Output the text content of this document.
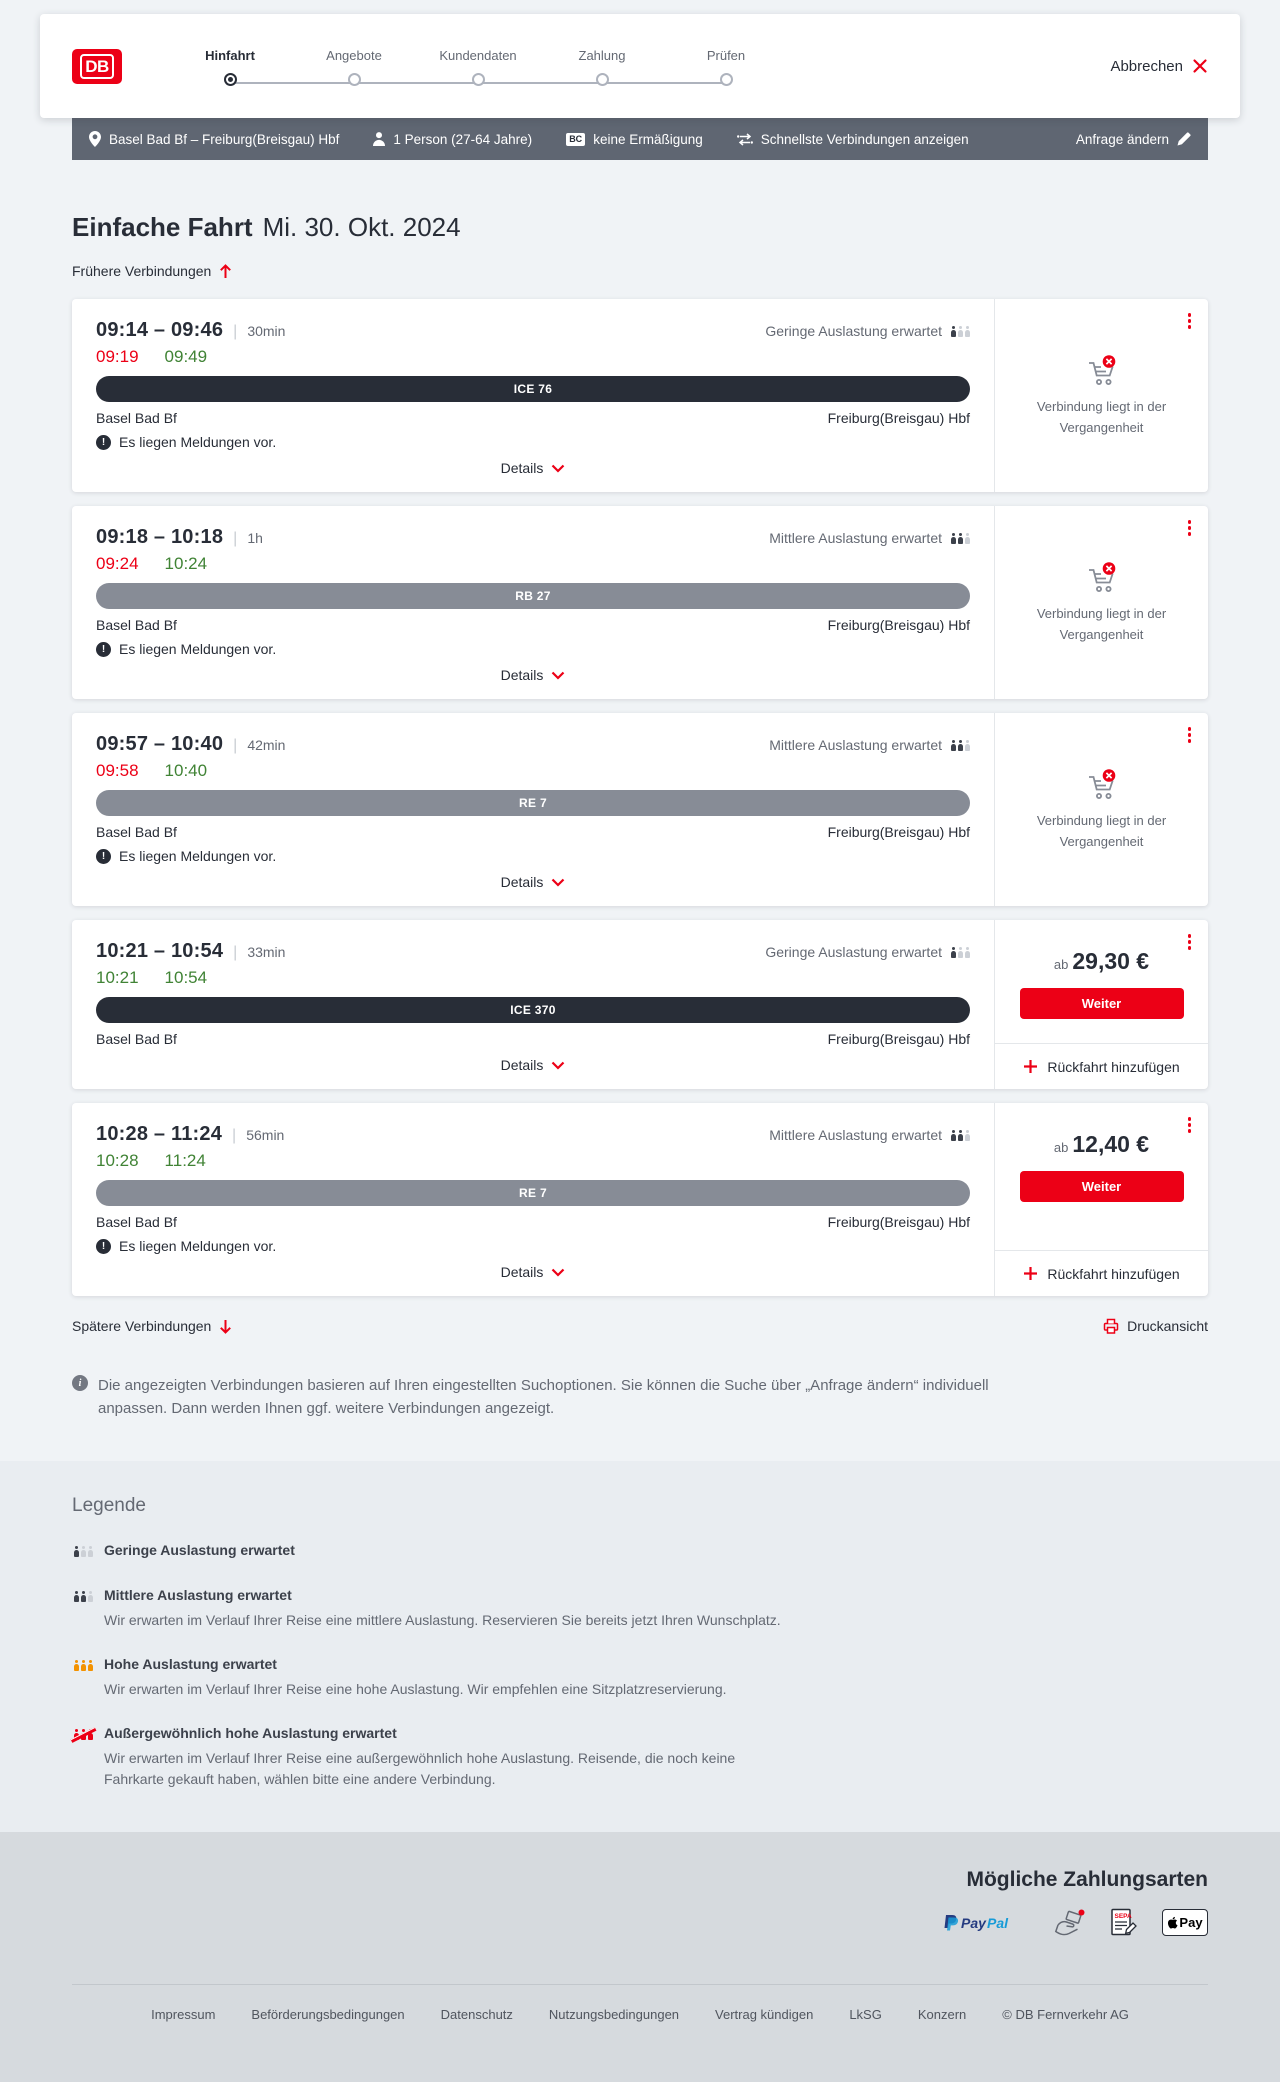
DB
Hinfahrt	Angebote	Kundendaten	Zahlung	Prüfen
Abbrechen
Basel Bad Bf – Freiburg(Breisgau) Hbf	1 Person (27-64 Jahre)	BC keine Ermäßigung	Schnellste Verbindungen anzeigen	Anfrage ändern
Einfache Fahrt Mi. 30. Okt. 2024
Frühere Verbindungen
09:14 – 09:46 | 30min	Geringe Auslastung erwartet
09:19 09:49
ICE 76
Basel Bad Bf	Freiburg(Breisgau) Hbf
! Es liegen Meldungen vor.
Details

Verbindung liegt in der Vergangenheit

09:18 – 10:18 | 1h	Mittlere Auslastung erwartet
09:24 10:24
RB 27
Basel Bad Bf	Freiburg(Breisgau) Hbf
! Es liegen Meldungen vor.
Details

Verbindung liegt in der Vergangenheit

09:57 – 10:40 | 42min	Mittlere Auslastung erwartet
09:58 10:40
RE 7
Basel Bad Bf	Freiburg(Breisgau) Hbf
! Es liegen Meldungen vor.
Details

Verbindung liegt in der Vergangenheit

10:21 – 10:54 | 33min	Geringe Auslastung erwartet
10:21 10:54
ICE 370
Basel Bad Bf	Freiburg(Breisgau) Hbf
Details
ab 29,30 €
Weiter
Rückfahrt hinzufügen
10:28 – 11:24 | 56min	Mittlere Auslastung erwartet
10:28 11:24
RE 7
Basel Bad Bf	Freiburg(Breisgau) Hbf
! Es liegen Meldungen vor.
Details
ab 12,40 €
Weiter
Rückfahrt hinzufügen
Spätere Verbindungen	Druckansicht
i	Die angezeigten Verbindungen basieren auf Ihren eingestellten Suchoptionen. Sie können die Suche über „Anfrage ändern“ individuell anpassen. Dann werden Ihnen ggf. weitere Verbindungen angezeigt.

Legende
Geringe Auslastung erwartet
Mittlere Auslastung erwartet
Wir erwarten im Verlauf Ihrer Reise eine mittlere Auslastung. Reservieren Sie bereits jetzt Ihren Wunschplatz.
Hohe Auslastung erwartet
Wir erwarten im Verlauf Ihrer Reise eine hohe Auslastung. Wir empfehlen eine Sitzplatzreservierung.
Außergewöhnlich hohe Auslastung erwartet
Wir erwarten im Verlauf Ihrer Reise eine außergewöhnlich hohe Auslastung. Reisende, die noch keine Fahrkarte gekauft haben, wählen bitte eine andere Verbindung.
Mögliche Zahlungsarten
Pay Pal	SEPA	Pay
Impressum	Beförderungsbedingungen	Datenschutz	Nutzungsbedingungen	Vertrag kündigen	LkSG	Konzern	© DB Fernverkehr AG
